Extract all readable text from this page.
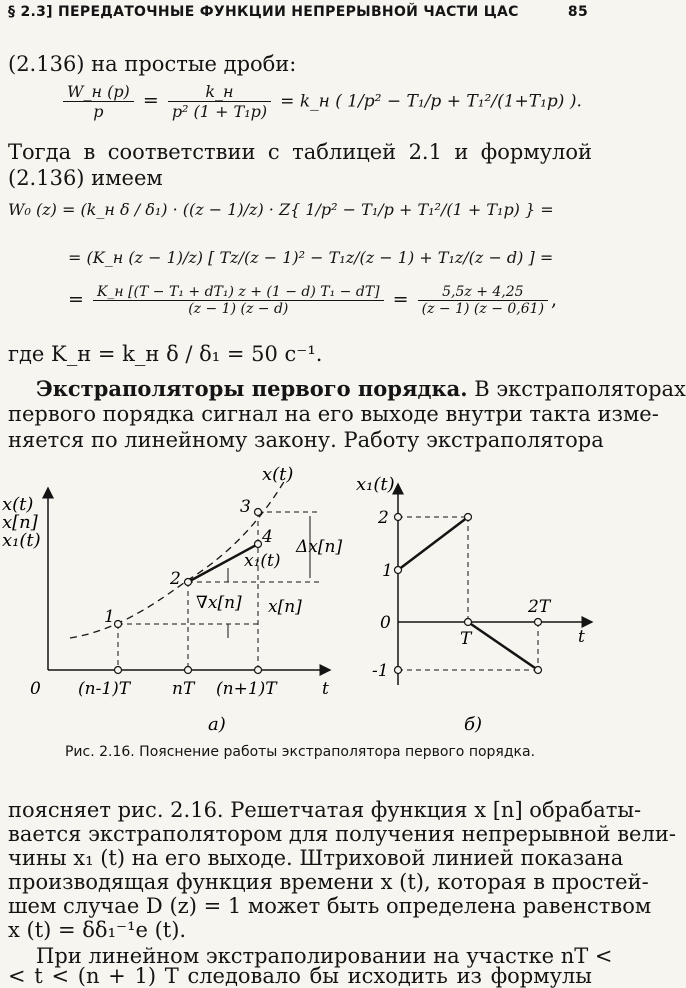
§ 2.3] ПЕРЕДАТОЧНЫЕ ФУНКЦИИ НЕПРЕРЫВНОЙ ЧАСТИ ЦАС	85
(2.136) на простые дроби:
$\frac{W\_н (p)}{p} = \frac{k\_н}{\text{p² (1 + T₁p)}}$ = k_н ( 1/p² − T₁/p + T₁²/(1+T₁p) ).
Тогда в соответствии с таблицей 2.1 и формулой
(2.136) имеем
W₀ (z) = (k_н δ / δ₁) · ((z − 1)/z) · Z{ 1/p² − T₁/p + T₁²/(1 + T₁p) } =
= (K_н (z − 1)/z) [ Tz/(z − 1)² − T₁z/(z − 1) + T₁z/(z − d) ] =
= $\frac{\text{K\_н [(T − T₁ + dT₁) z + (1 − d) T₁ − dT]}}{(z - 1) (z - d)} = \frac{5,5z + 4,25}{(z - 1) (z - 0,61)}$ ,
где K_н = k_н δ / δ₁ = 50 с⁻¹.
Экстраполяторы первого порядка. В экстраполяторах
первого порядка сигнал на его выходе внутри такта изме-
няется по линейному закону. Работу экстраполятора
x(t)
x[n]
x₁(t)
x(t)
1
2
3
4 Δx[n]
x₁(t)
∇x[n] x[n]
0 (n-1)T nT (n+1)T	t
а)
x₁(t)
2
1
0
-1
T
2T
t
б)
Рис. 2.16. Пояснение работы экстраполятора первого порядка.
поясняет рис. 2.16. Решетчатая функция x [n] обрабаты-
вается экстраполятором для получения непрерывной вели-
чины x₁ (t) на его выходе. Штриховой линией показана
производящая функция времени x (t), которая в простей-
шем случае D (z) = 1 может быть определена равенством
x (t) = δδ₁⁻¹e (t).
При линейном экстраполировании на участке nT <
< t < (n + 1) T следовало бы исходить из формулы
